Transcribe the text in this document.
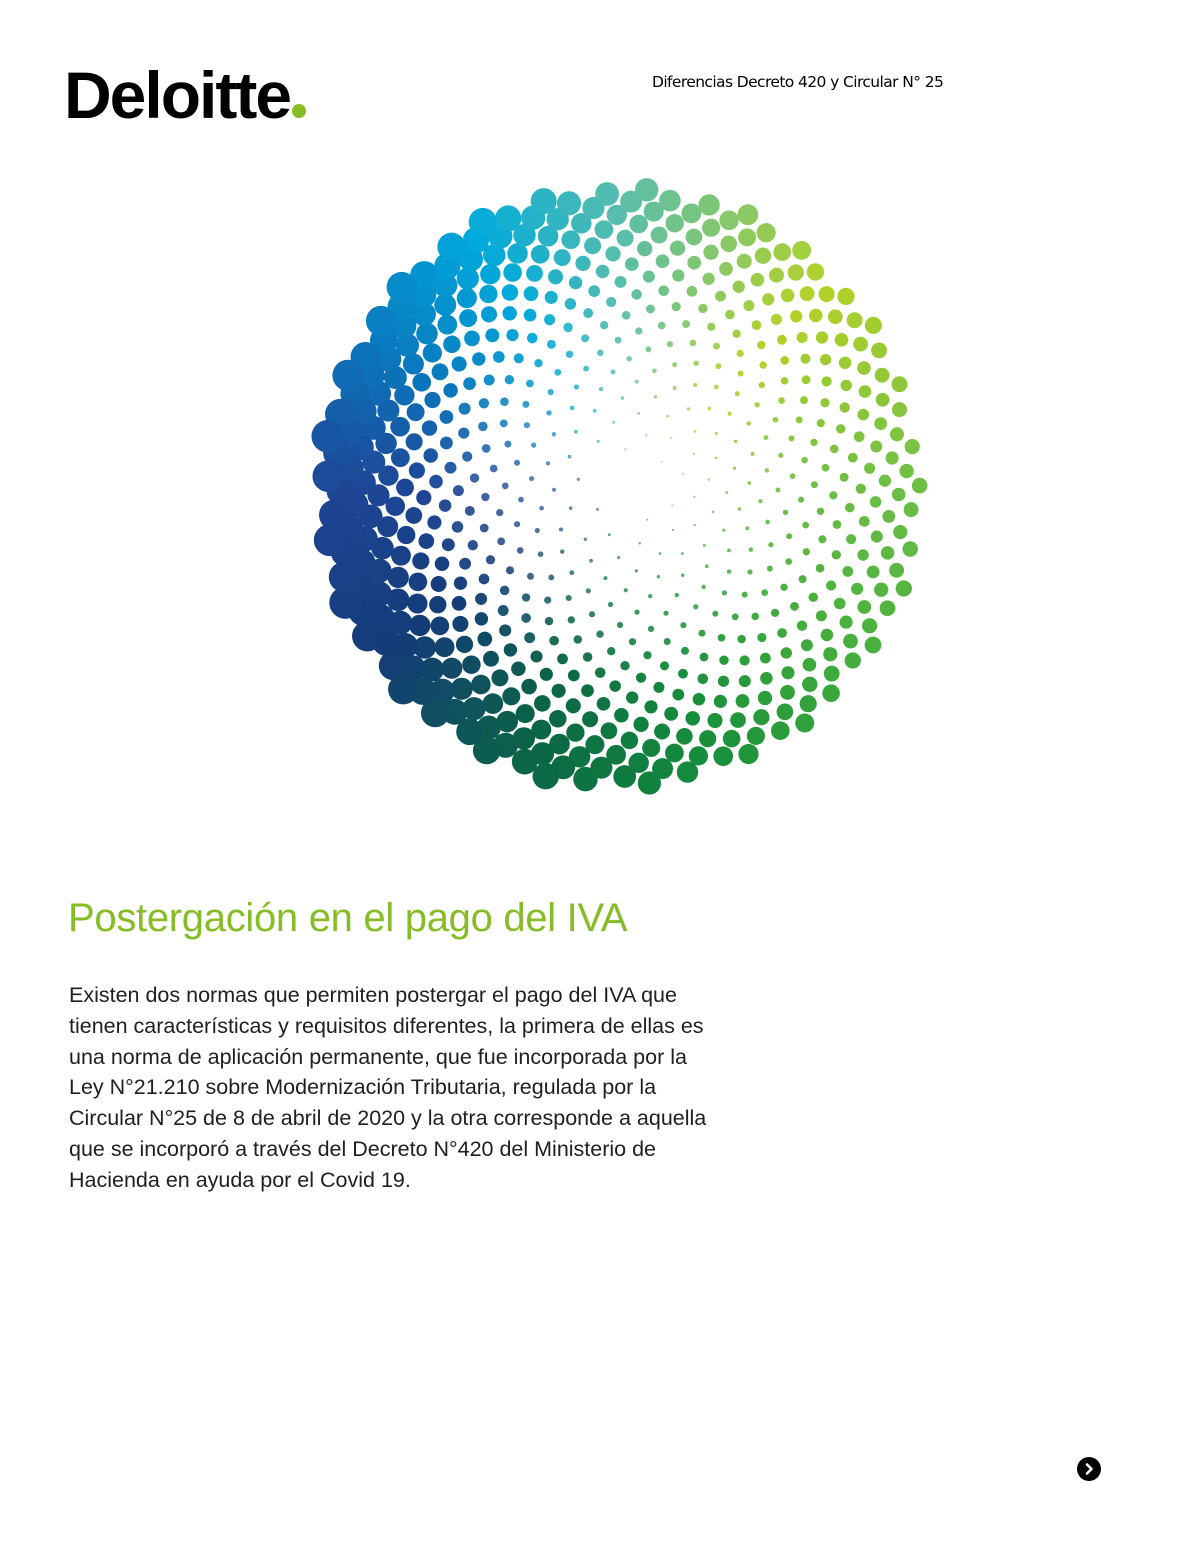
Deloitte	Diferencias Decreto 420 y Circular N° 25
Postergación en el pago del IVA

Existen dos normas que permiten postergar el pago del IVA que tienen características y requisitos diferentes, la primera de ellas es una norma de aplicación permanente, que fue incorporada por la Ley N°21.210 sobre Modernización Tributaria, regulada por la Circular N°25 de 8 de abril de 2020 y la otra corresponde a aquella que se incorporó a través del Decreto N°420 del Ministerio de Hacienda en ayuda por el Covid 19.
